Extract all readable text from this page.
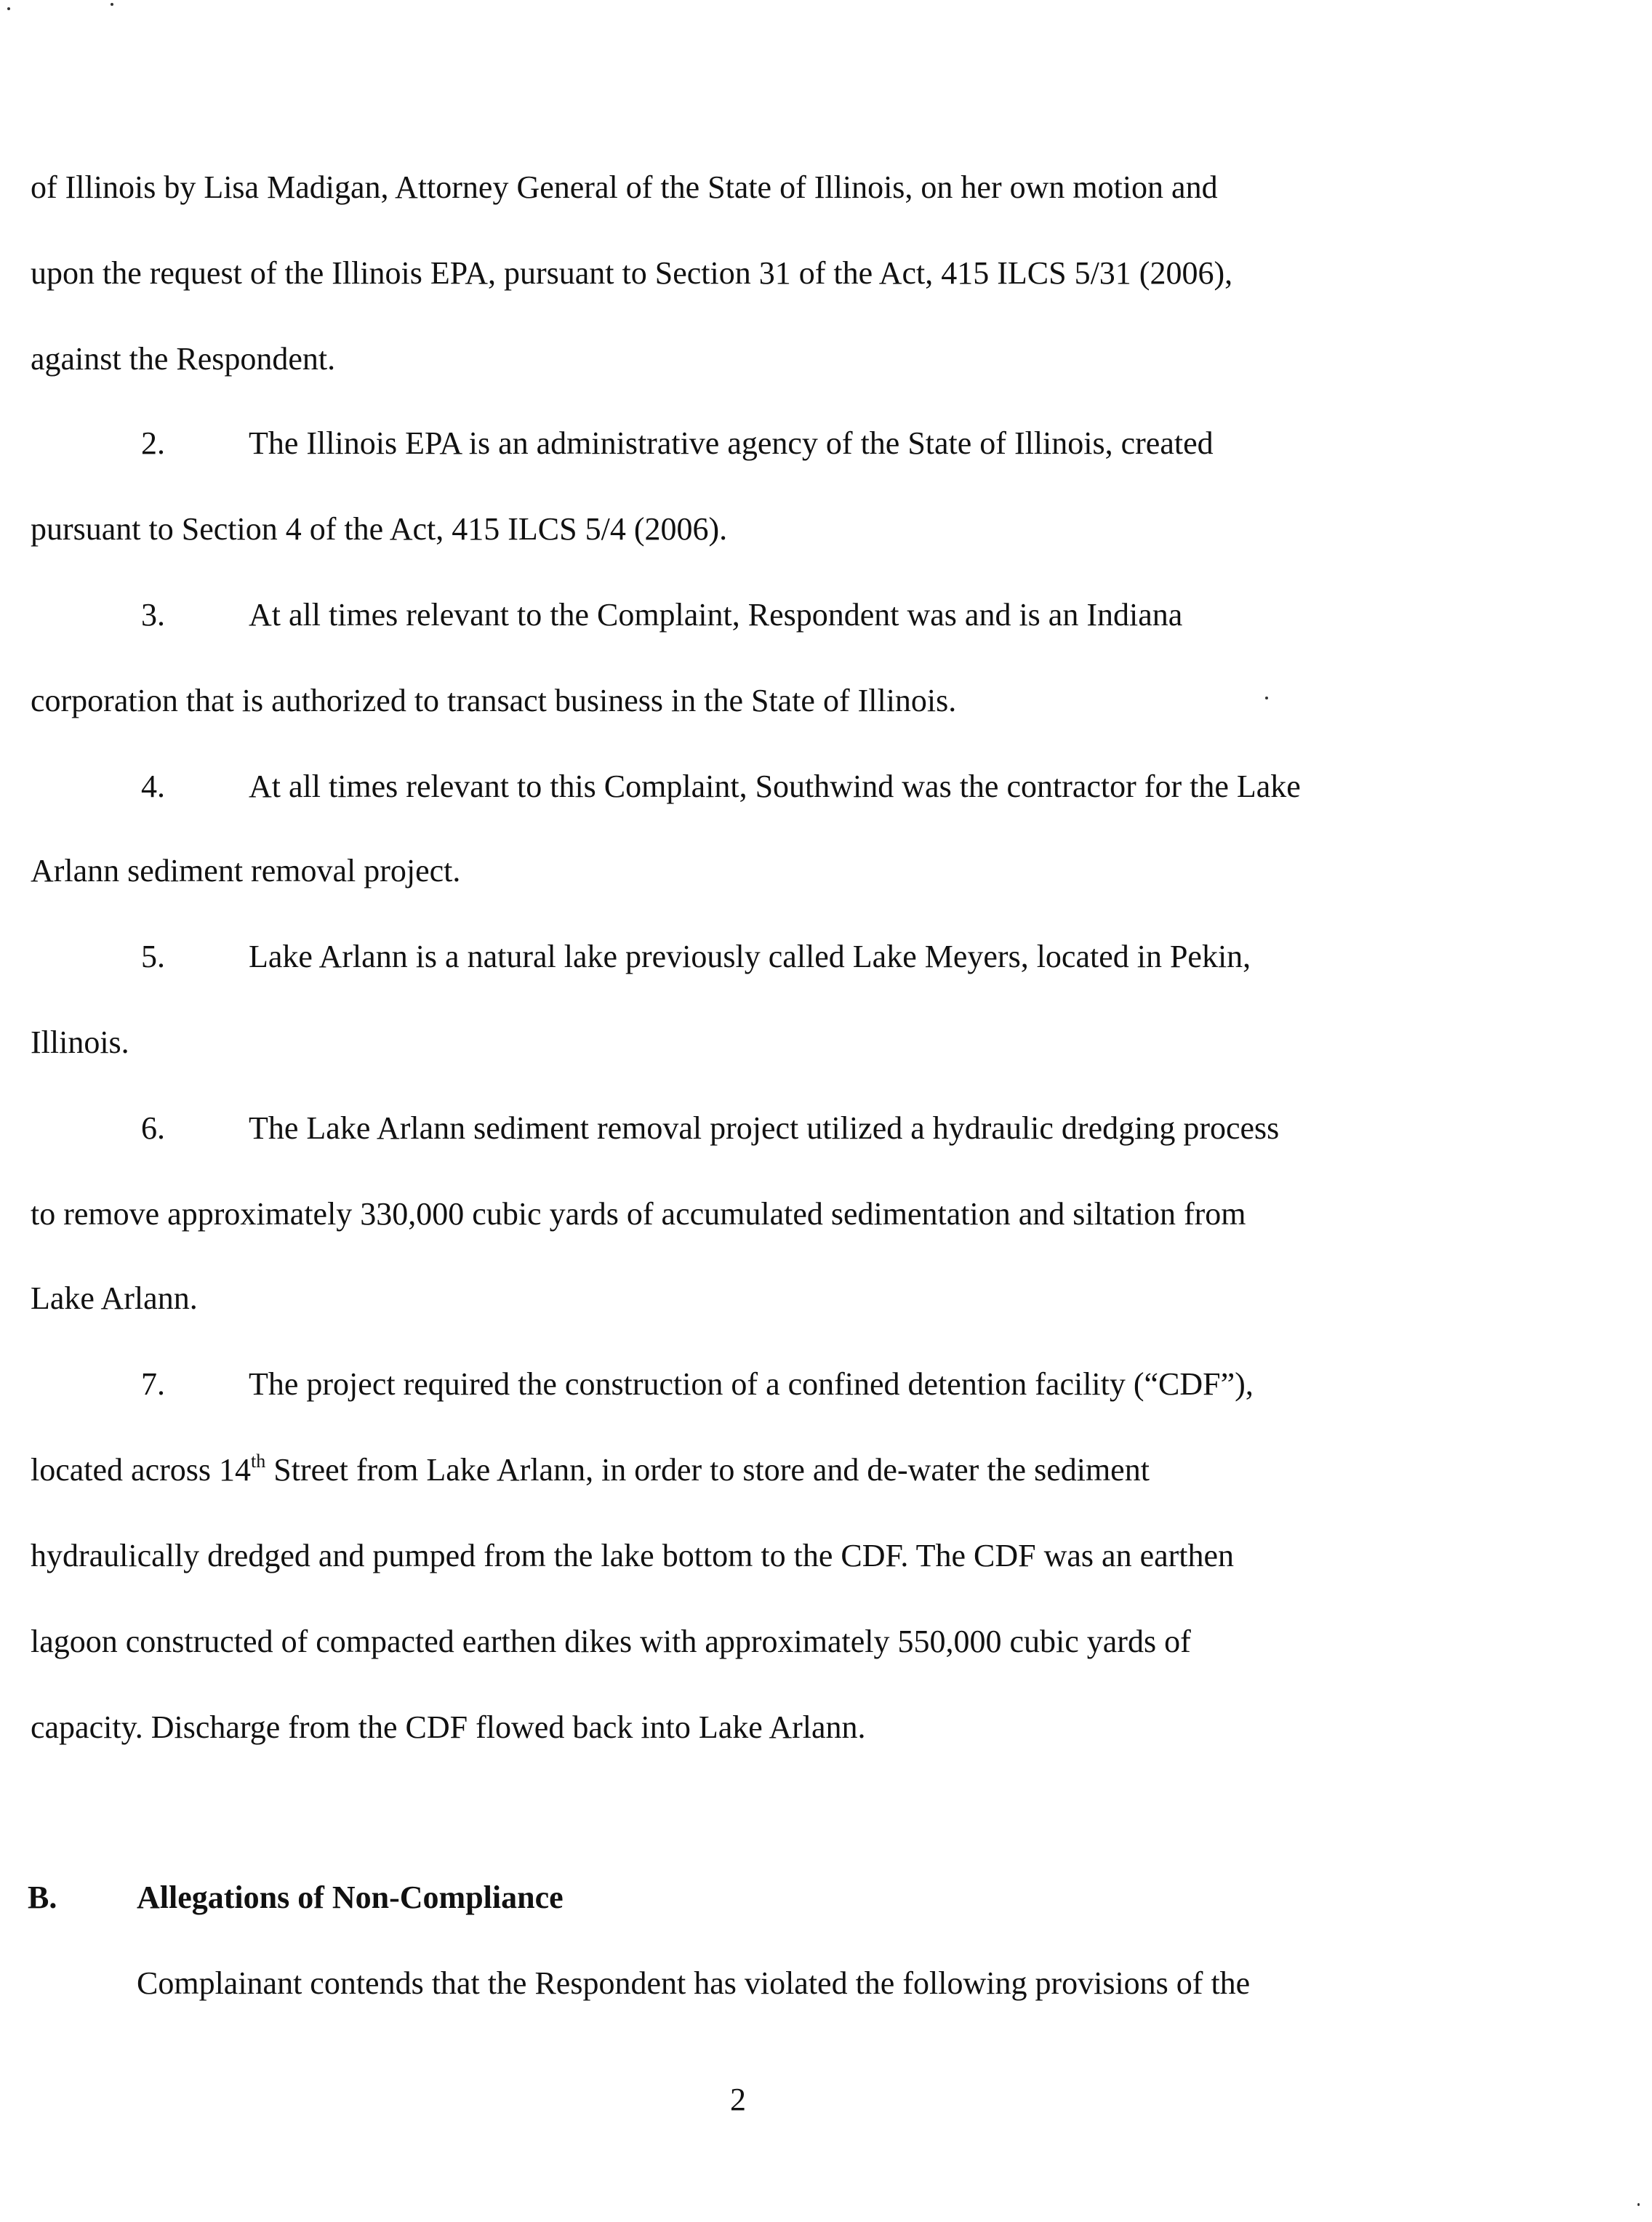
of Illinois by Lisa Madigan, Attorney General of the State of Illinois, on her own motion and
upon the request of the Illinois EPA, pursuant to Section 31 of the Act, 415 ILCS 5/31 (2006),
against the Respondent.
2.	The Illinois EPA is an administrative agency of the State of Illinois, created
pursuant to Section 4 of the Act, 415 ILCS 5/4 (2006).
3.	At all times relevant to the Complaint, Respondent was and is an Indiana
corporation that is authorized to transact business in the State of Illinois.
4.	At all times relevant to this Complaint, Southwind was the contractor for the Lake
Arlann sediment removal project.
5.	Lake Arlann is a natural lake previously called Lake Meyers, located in Pekin,
Illinois.
6.	The Lake Arlann sediment removal project utilized a hydraulic dredging process
to remove approximately 330,000 cubic yards of accumulated sedimentation and siltation from
Lake Arlann.
7.	The project required the construction of a confined detention facility (“CDF”),
located across 14th Street from Lake Arlann, in order to store and de-water the sediment
hydraulically dredged and pumped from the lake bottom to the CDF. The CDF was an earthen
lagoon constructed of compacted earthen dikes with approximately 550,000 cubic yards of
capacity. Discharge from the CDF flowed back into Lake Arlann.
B. Allegations of Non-Compliance
Complainant contends that the Respondent has violated the following provisions of the
2
